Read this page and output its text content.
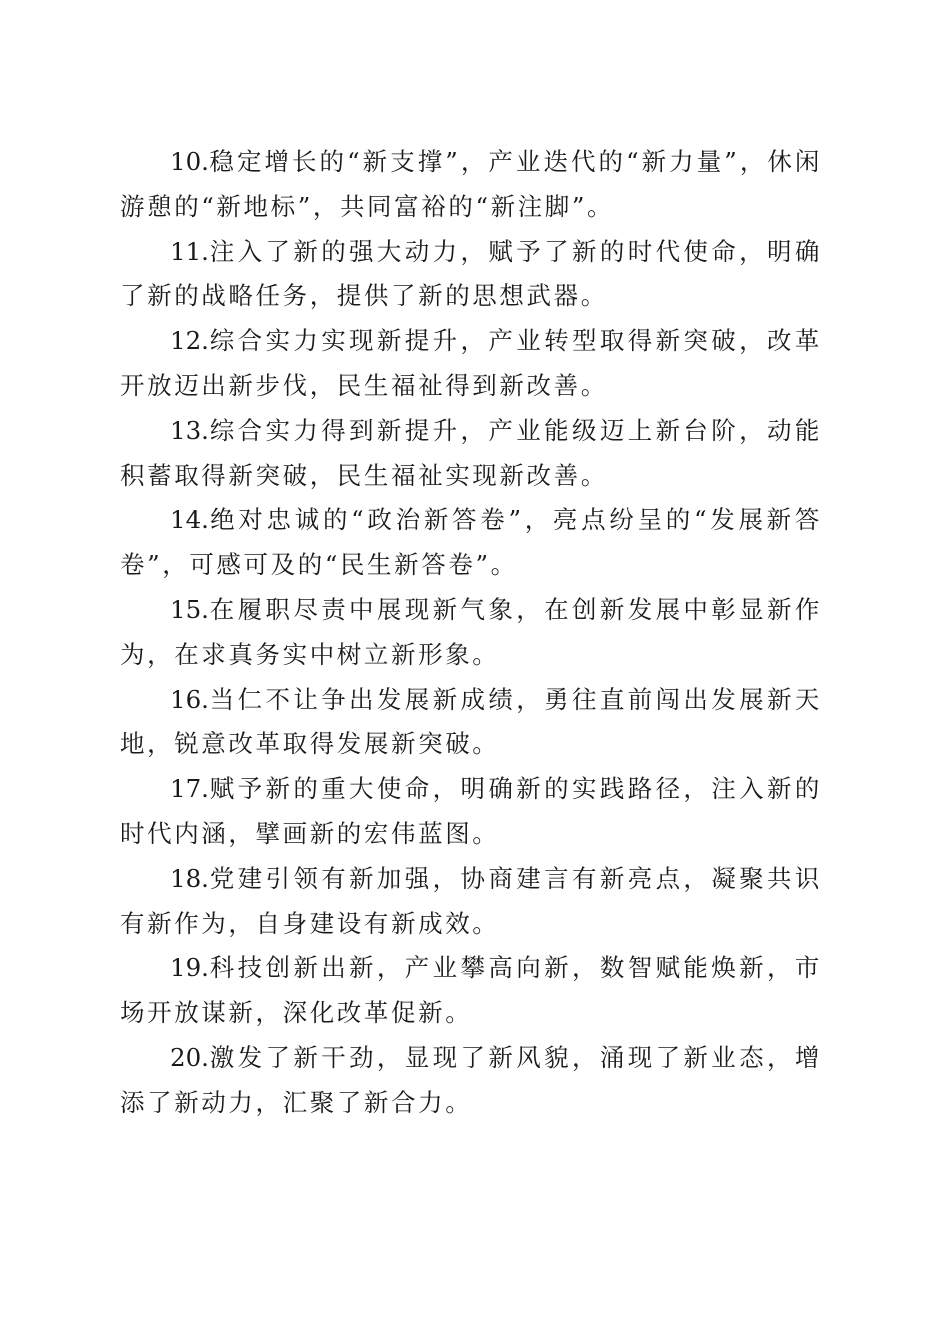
10.稳定增长的“新支撑”，产业迭代的“新力量”，休闲游憩的“新地标”，共同富裕的“新注脚”。

11.注入了新的强大动力，赋予了新的时代使命，明确了新的战略任务，提供了新的思想武器。

12.综合实力实现新提升，产业转型取得新突破，改革开放迈出新步伐，民生福祉得到新改善。

13.综合实力得到新提升，产业能级迈上新台阶，动能积蓄取得新突破，民生福祉实现新改善。

14.绝对忠诚的“政治新答卷”，亮点纷呈的“发展新答卷”，可感可及的“民生新答卷”。

15.在履职尽责中展现新气象，在创新发展中彰显新作为，在求真务实中树立新形象。

16.当仁不让争出发展新成绩，勇往直前闯出发展新天地，锐意改革取得发展新突破。

17.赋予新的重大使命，明确新的实践路径，注入新的时代内涵，擘画新的宏伟蓝图。

18.党建引领有新加强，协商建言有新亮点，凝聚共识有新作为，自身建设有新成效。

19.科技创新出新，产业攀高向新，数智赋能焕新，市场开放谋新，深化改革促新。

20.激发了新干劲，显现了新风貌，涌现了新业态，增添了新动力，汇聚了新合力。
